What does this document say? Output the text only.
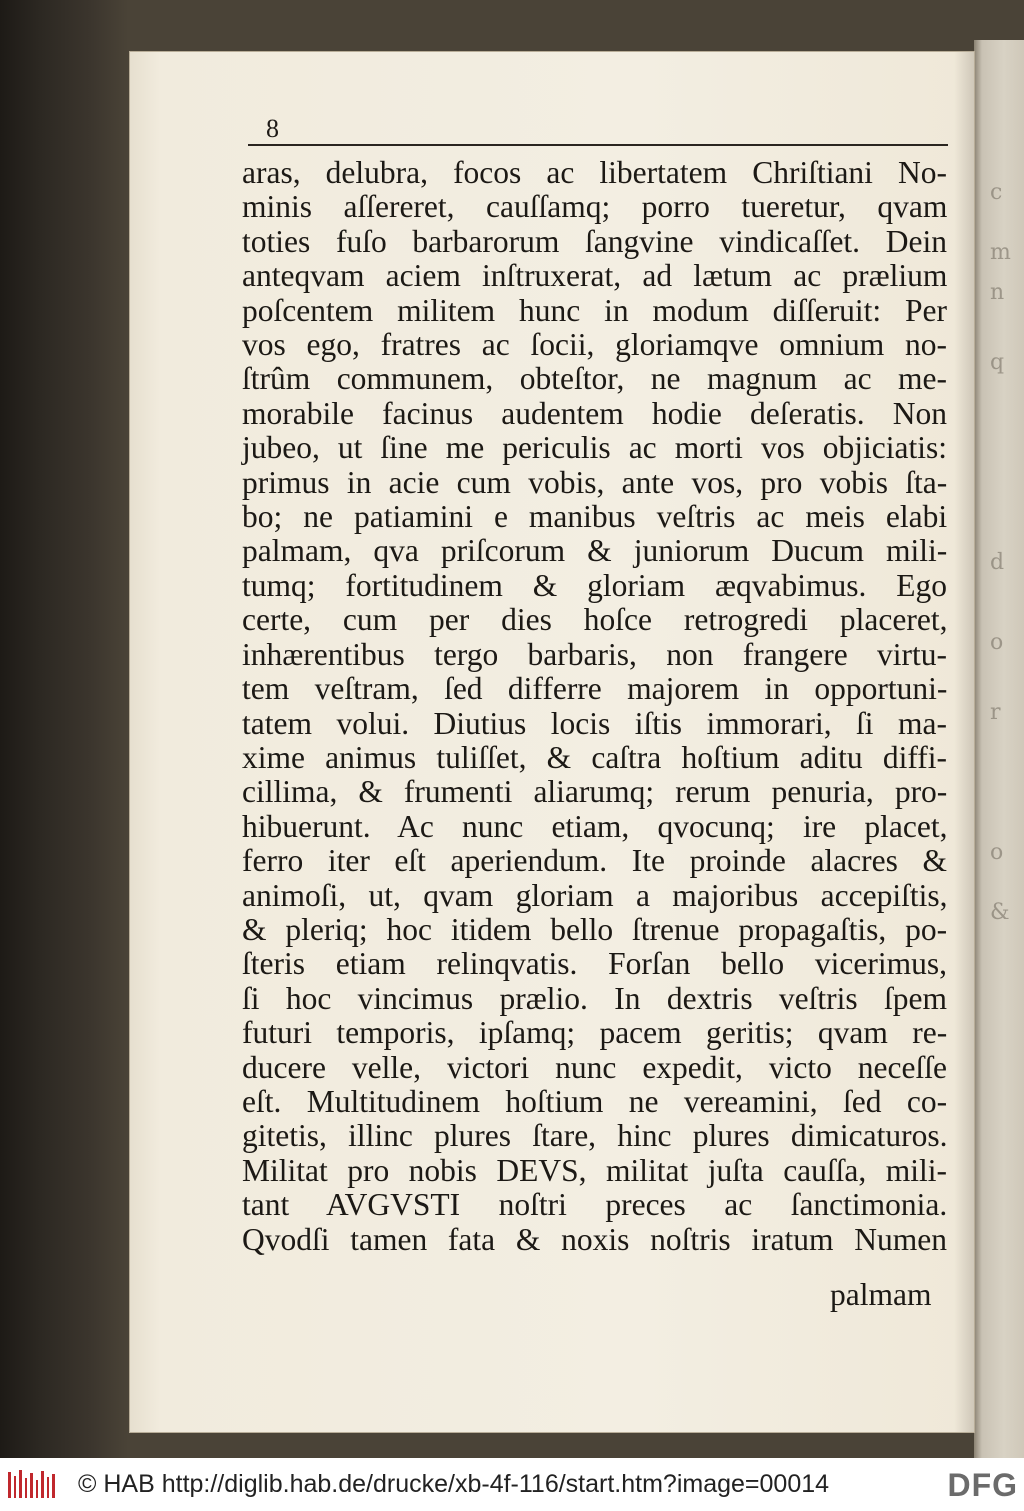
c
m
n
q
d
o
r
o
&
8
aras, delubra, focos ac libertatem Chriſtiani No-
minis aſſereret, cauſſamq; porro tueretur, qvam
toties fuſo barbarorum ſangvine vindicaſſet. Dein
anteqvam aciem inſtruxerat, ad lætum ac prælium
poſcentem militem hunc in modum diſſeruit: Per
vos ego, fratres ac ſocii, gloriamqve omnium no-
ſtrûm communem, obteſtor, ne magnum ac me-
morabile facinus audentem hodie deſeratis. Non
jubeo, ut ſine me periculis ac morti vos objiciatis:
primus in acie cum vobis, ante vos, pro vobis ſta-
bo; ne patiamini e manibus veſtris ac meis elabi
palmam, qva priſcorum & juniorum Ducum mili-
tumq; fortitudinem & gloriam æqvabimus. Ego
certe, cum per dies hoſce retrogredi placeret,
inhærentibus tergo barbaris, non frangere virtu-
tem veſtram, ſed differre majorem in opportuni-
tatem volui. Diutius locis iſtis immorari, ſi ma-
xime animus tuliſſet, & caſtra hoſtium aditu diffi-
cillima, & frumenti aliarumq; rerum penuria, pro-
hibuerunt. Ac nunc etiam, qvocunq; ire placet,
ferro iter eſt aperiendum. Ite proinde alacres &
animoſi, ut, qvam gloriam a majoribus accepiſtis,
& pleriq; hoc itidem bello ſtrenue propagaſtis, po-
ſteris etiam relinqvatis. Forſan bello vicerimus,
ſi hoc vincimus prælio. In dextris veſtris ſpem
futuri temporis, ipſamq; pacem geritis; qvam re-
ducere velle, victori nunc expedit, victo neceſſe
eſt. Multitudinem hoſtium ne vereamini, ſed co-
gitetis, illinc plures ſtare, hinc plures dimicaturos.
Militat pro nobis DEVS, militat juſta cauſſa, mili-
tant AVGVSTI noſtri preces ac ſanctimonia.
Qvodſi tamen fata & noxis noſtris iratum Numen
palmam
© HAB http://diglib.hab.de/drucke/xb-4f-116/start.htm?image=00014	DFG
